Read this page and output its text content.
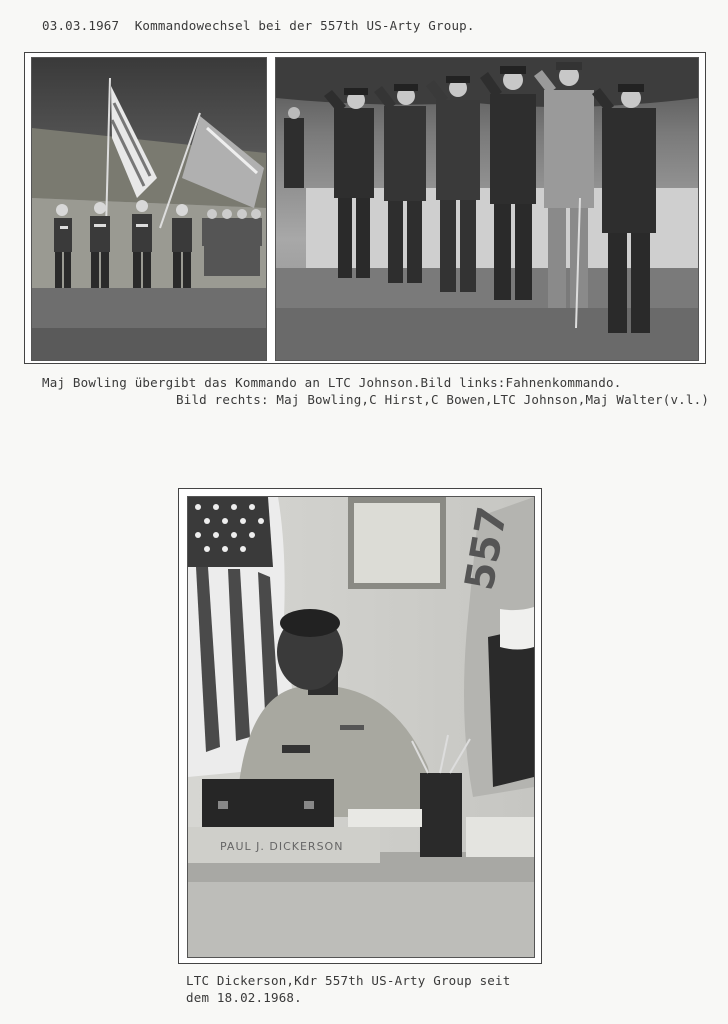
03.03.1967  Kommandowechsel bei der 557th US-Arty Group.
Maj Bowling übergibt das Kommando an LTC Johnson.Bild links:Fahnenkommando.
Bild rechts: Maj Bowling,C Hirst,C Bowen,LTC Johnson,Maj Walter(v.l.)
557
PAUL J. DICKERSON
LTC Dickerson,Kdr 557th US-Arty Group seit
dem 18.02.1968.
